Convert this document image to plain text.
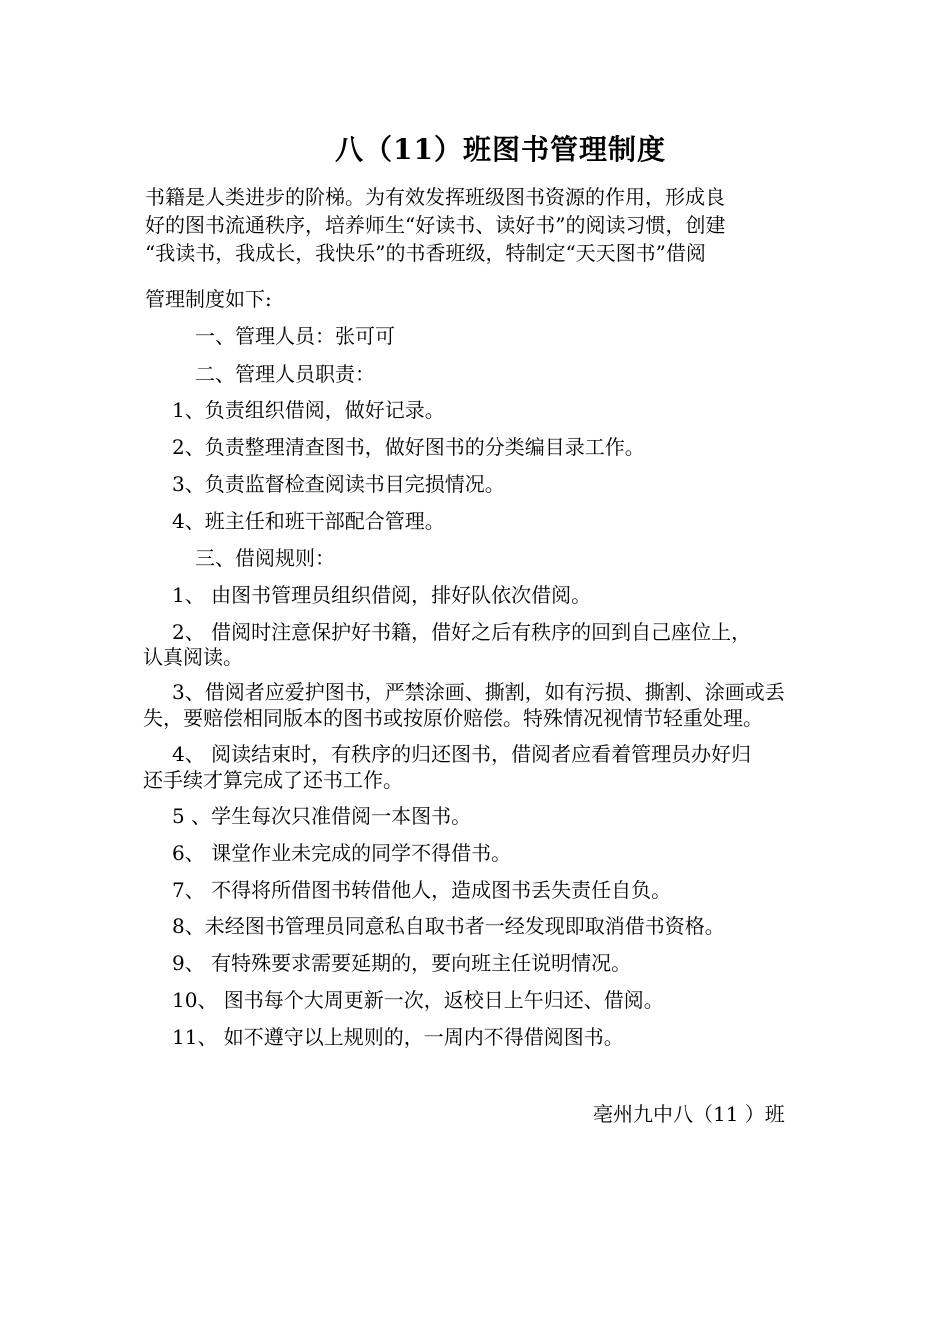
八（11）班图书管理制度

书籍是人类进步的阶梯。为有效发挥班级图书资源的作用，形成良

好的图书流通秩序，培养师生“好读书、读好书”的阅读习惯，创建

“我读书，我成长，我快乐”的书香班级，特制定“天天图书”借阅

管理制度如下:

一、管理人员：张可可
二、管理人员职责：
1、负责组织借阅，做好记录。
2、负责整理清查图书，做好图书的分类编目录工作。
3、负责监督检查阅读书目完损情况。
4、班主任和班干部配合管理。
三、借阅规则：
1、 由图书管理员组织借阅，排好队依次借阅。
2、 借阅时注意保护好书籍，借好之后有秩序的回到自己座位上，
认真阅读。
3、借阅者应爱护图书，严禁涂画、撕割，如有污损、撕割、涂画或丢
失，要赔偿相同版本的图书或按原价赔偿。特殊情况视情节轻重处理。
4、 阅读结束时，有秩序的归还图书，借阅者应看着管理员办好归
还手续才算完成了还书工作。
5 、学生每次只准借阅一本图书。
6、 课堂作业未完成的同学不得借书。
7、 不得将所借图书转借他人，造成图书丢失责任自负。
8、未经图书管理员同意私自取书者一经发现即取消借书资格。
9、 有特殊要求需要延期的，要向班主任说明情况。
10、 图书每个大周更新一次，返校日上午归还、借阅。
11、 如不遵守以上规则的，一周内不得借阅图书。
亳州九中八（11 ）班
